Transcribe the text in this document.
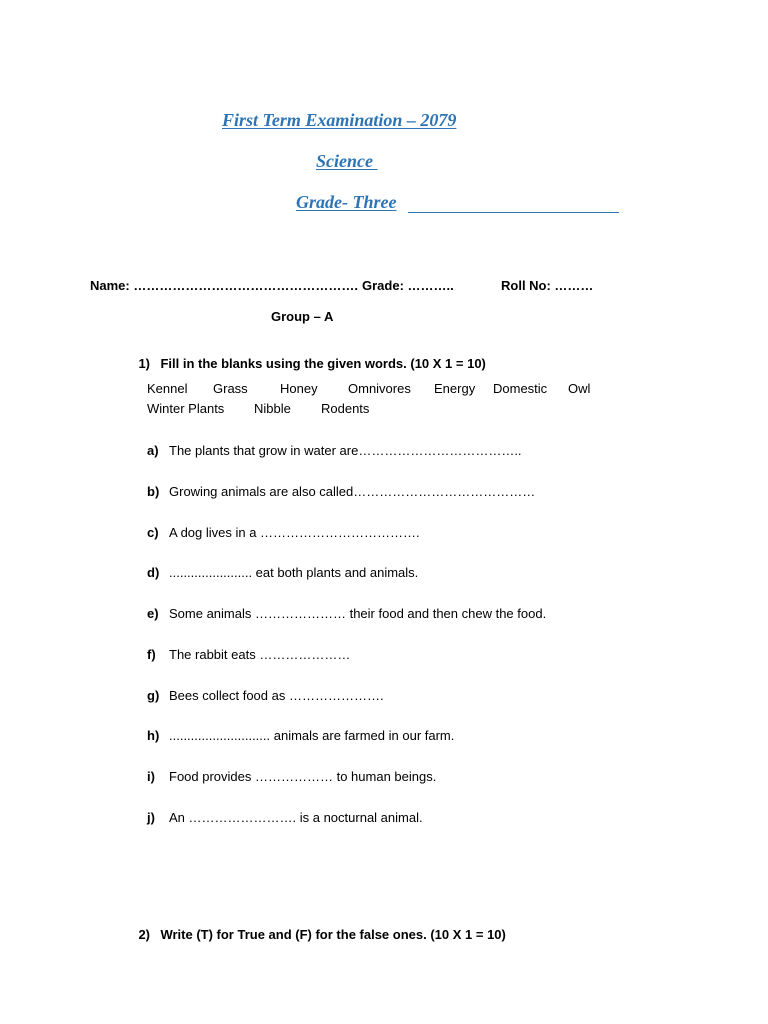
First Term Examination – 2079

Science

Grade- Three

Name: ……………………………………………. Grade: ………..	Roll No: ………
Group – A

1) Fill in the blanks using the given words. (10 X 1 = 10)

Kennel Grass Honey Omnivores Energy Domestic Owl
Winter Plants Nibble Rodents
a) The plants that grow in water are………………………………..
b) Growing animals are also called……………………………………
c) A dog lives in a ……………………………….
d) ....................... eat both plants and animals.
e) Some animals ………………… their food and then chew the food.
f) The rabbit eats …………………
g) Bees collect food as ………………….
h) ............................ animals are farmed in our farm.
i) Food provides ……………… to human beings.
j) An ……………………. is a nocturnal animal.

2) Write (T) for True and (F) for the false ones. (10 X 1 = 10)
